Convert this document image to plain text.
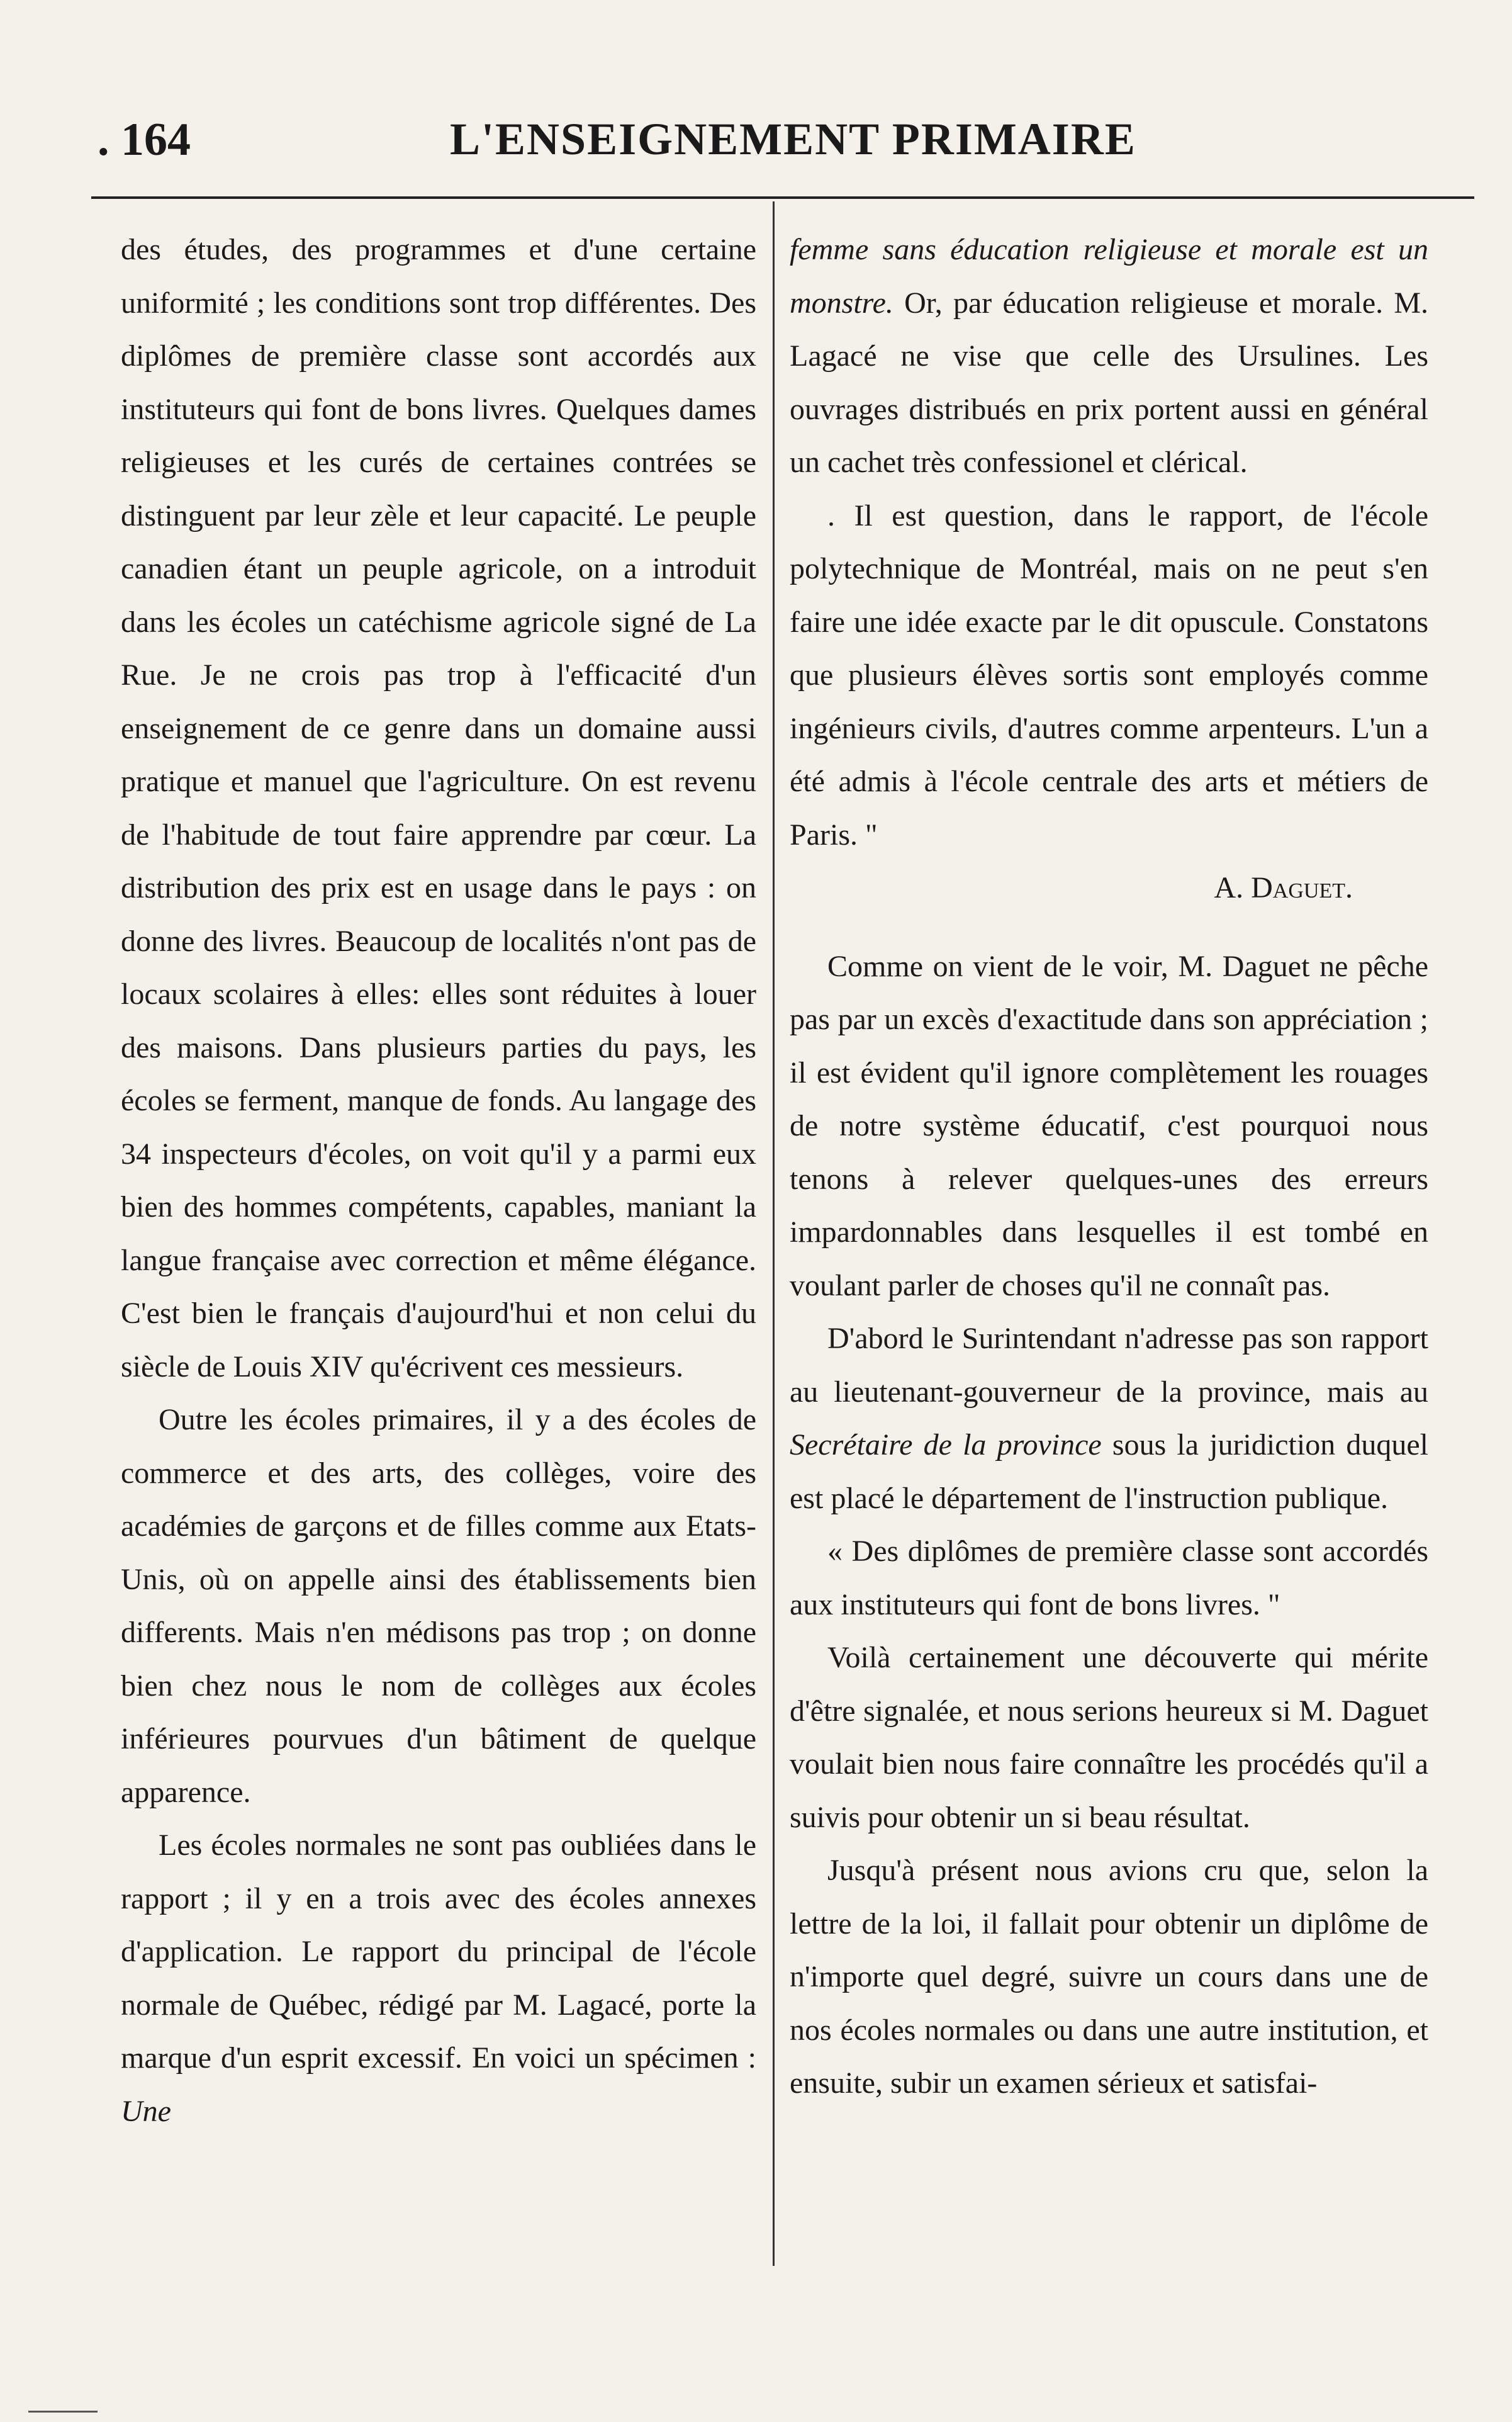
. 164	L'ENSEIGNEMENT PRIMAIRE

des études, des programmes et d'une certaine uniformité ; les conditions sont trop différentes. Des diplômes de première classe sont accordés aux instituteurs qui font de bons livres. Quelques dames religieuses et les curés de certaines contrées se distinguent par leur zèle et leur capacité. Le peuple canadien étant un peuple agricole, on a introduit dans les écoles un catéchisme agricole signé de La Rue. Je ne crois pas trop à l'efficacité d'un enseignement de ce genre dans un domaine aussi pratique et manuel que l'agriculture. On est revenu de l'habitude de tout faire apprendre par cœur. La distribution des prix est en usage dans le pays : on donne des livres. Beaucoup de localités n'ont pas de locaux scolaires à elles: elles sont réduites à louer des maisons. Dans plusieurs parties du pays, les écoles se ferment, manque de fonds. Au langage des 34 inspecteurs d'écoles, on voit qu'il y a parmi eux bien des hommes compétents, capables, maniant la langue française avec correction et même élégance. C'est bien le français d'aujourd'hui et non celui du siècle de Louis XIV qu'écrivent ces messieurs.

Outre les écoles primaires, il y a des écoles de commerce et des arts, des collèges, voire des académies de garçons et de filles comme aux Etats-Unis, où on appelle ainsi des établissements bien differents. Mais n'en médisons pas trop ; on donne bien chez nous le nom de collèges aux écoles inférieures pourvues d'un bâtiment de quelque apparence.

Les écoles normales ne sont pas oubliées dans le rapport ; il y en a trois avec des écoles annexes d'application. Le rapport du principal de l'école normale de Québec, rédigé par M. Lagacé, porte la marque d'un esprit excessif. En voici un spécimen : Une

femme sans éducation religieuse et morale est un monstre. Or, par éducation religieuse et morale. M. Lagacé ne vise que celle des Ursulines. Les ouvrages distribués en prix portent aussi en général un cachet très confessionel et clérical.

. Il est question, dans le rapport, de l'école polytechnique de Montréal, mais on ne peut s'en faire une idée exacte par le dit opuscule. Constatons que plusieurs élèves sortis sont employés comme ingénieurs civils, d'autres comme arpenteurs. L'un a été admis à l'école centrale des arts et métiers de Paris. "

A. Daguet.

Comme on vient de le voir, M. Daguet ne pêche pas par un excès d'exactitude dans son appréciation ; il est évident qu'il ignore complètement les rouages de notre système éducatif, c'est pourquoi nous tenons à relever quelques-unes des erreurs impardonnables dans lesquelles il est tombé en voulant parler de choses qu'il ne connaît pas.

D'abord le Surintendant n'adresse pas son rapport au lieutenant-gouverneur de la province, mais au Secrétaire de la province sous la juridiction duquel est placé le département de l'instruction publique.

« Des diplômes de première classe sont accordés aux instituteurs qui font de bons livres. "

Voilà certainement une découverte qui mérite d'être signalée, et nous serions heureux si M. Daguet voulait bien nous faire connaître les procédés qu'il a suivis pour obtenir un si beau résultat.

Jusqu'à présent nous avions cru que, selon la lettre de la loi, il fallait pour obtenir un diplôme de n'importe quel degré, suivre un cours dans une de nos écoles normales ou dans une autre institution, et ensuite, subir un examen sérieux et satisfai-
